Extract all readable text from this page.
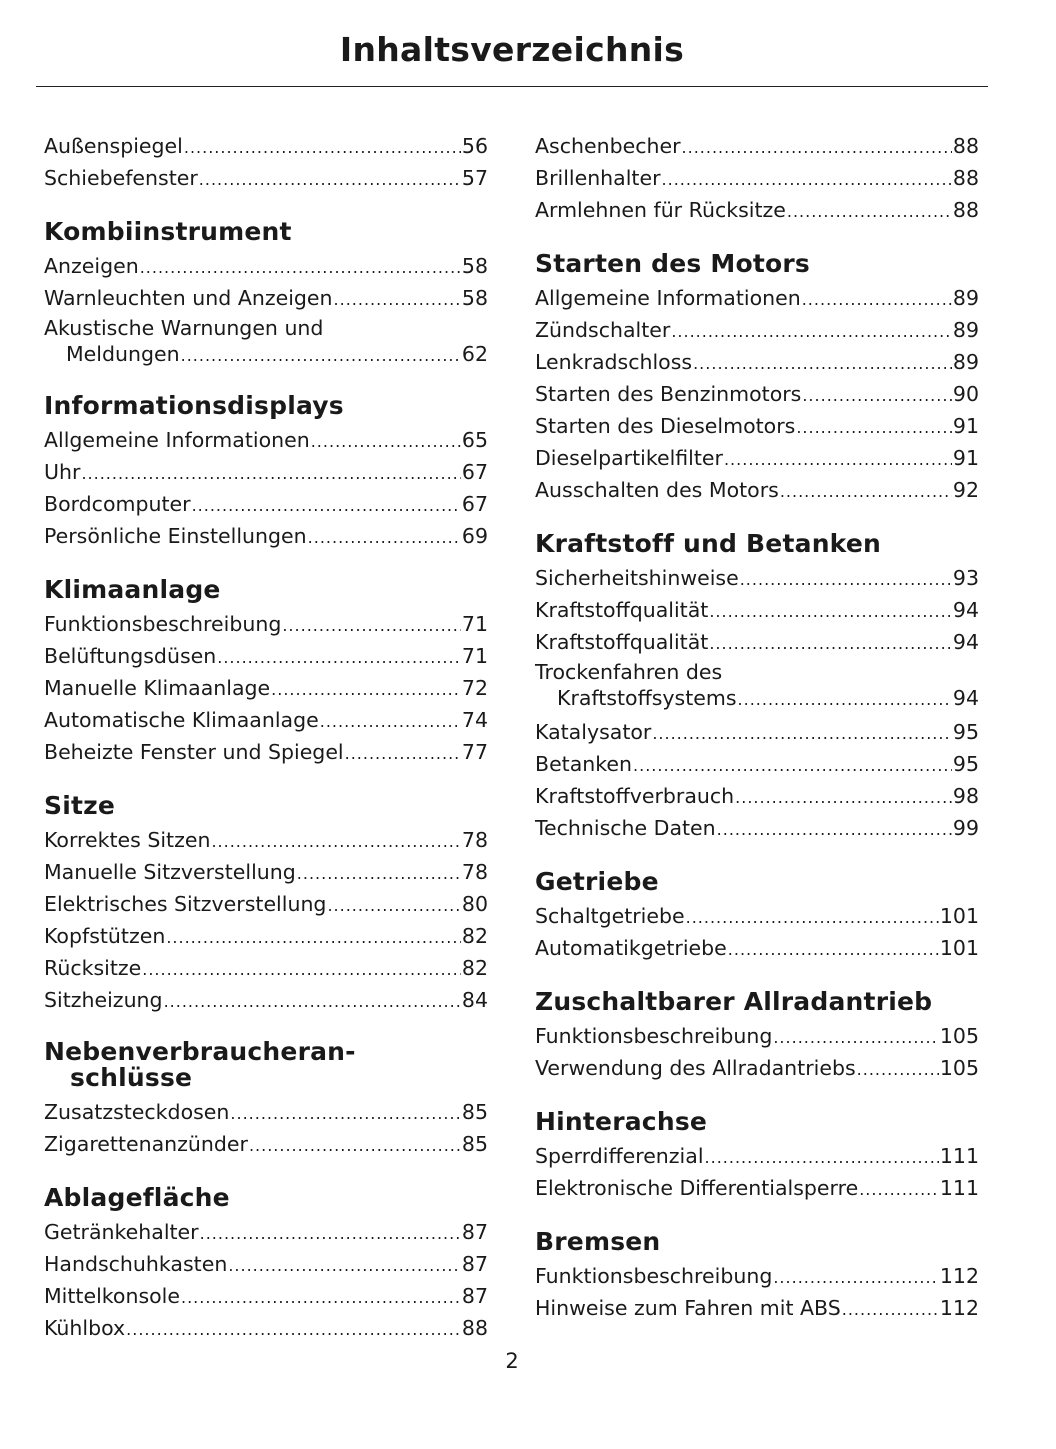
Inhaltsverzeichnis
Außenspiegel .....	56
Schiebefenster .....	57
Kombiinstrument
Anzeigen .....	58
Warnleuchten und Anzeigen .....	58
Akustische Warnungen und
Meldungen .....	62
Informationsdisplays
Allgemeine Informationen .....	65
Uhr .....	67
Bordcomputer .....	67
Persönliche Einstellungen .....	69
Klimaanlage
Funktionsbeschreibung .....	71
Belüftungsdüsen .....	71
Manuelle Klimaanlage .....	72
Automatische Klimaanlage .....	74
Beheizte Fenster und Spiegel .....	77
Sitze
Korrektes Sitzen .....	78
Manuelle Sitzverstellung .....	78
Elektrisches Sitzverstellung .....	80
Kopfstützen .....	82
Rücksitze .....	82
Sitzheizung .....	84
Nebenverbraucheran-
schlüsse
Zusatzsteckdosen .....	85
Zigarettenanzünder .....	85
Ablagefläche
Getränkehalter .....	87
Handschuhkasten .....	87
Mittelkonsole .....	87
Kühlbox .....	88
Aschenbecher .....	88
Brillenhalter .....	88
Armlehnen für Rücksitze .....	88
Starten des Motors
Allgemeine Informationen .....	89
Zündschalter .....	89
Lenkradschloss .....	89
Starten des Benzinmotors .....	90
Starten des Dieselmotors .....	91
Dieselpartikelfilter .....	91
Ausschalten des Motors .....	92
Kraftstoff und Betanken
Sicherheitshinweise .....	93
Kraftstoffqualität .....	94
Kraftstoffqualität .....	94
Trockenfahren des
Kraftstoffsystems .....	94
Katalysator .....	95
Betanken .....	95
Kraftstoffverbrauch .....	98
Technische Daten .....	99
Getriebe
Schaltgetriebe .....	101
Automatikgetriebe .....	101
Zuschaltbarer Allradantrieb
Funktionsbeschreibung .....	105
Verwendung des Allradantriebs .....	105
Hinterachse
Sperrdifferenzial .....	111
Elektronische Differentialsperre .....	111
Bremsen
Funktionsbeschreibung .....	112
Hinweise zum Fahren mit ABS .....	112
2
